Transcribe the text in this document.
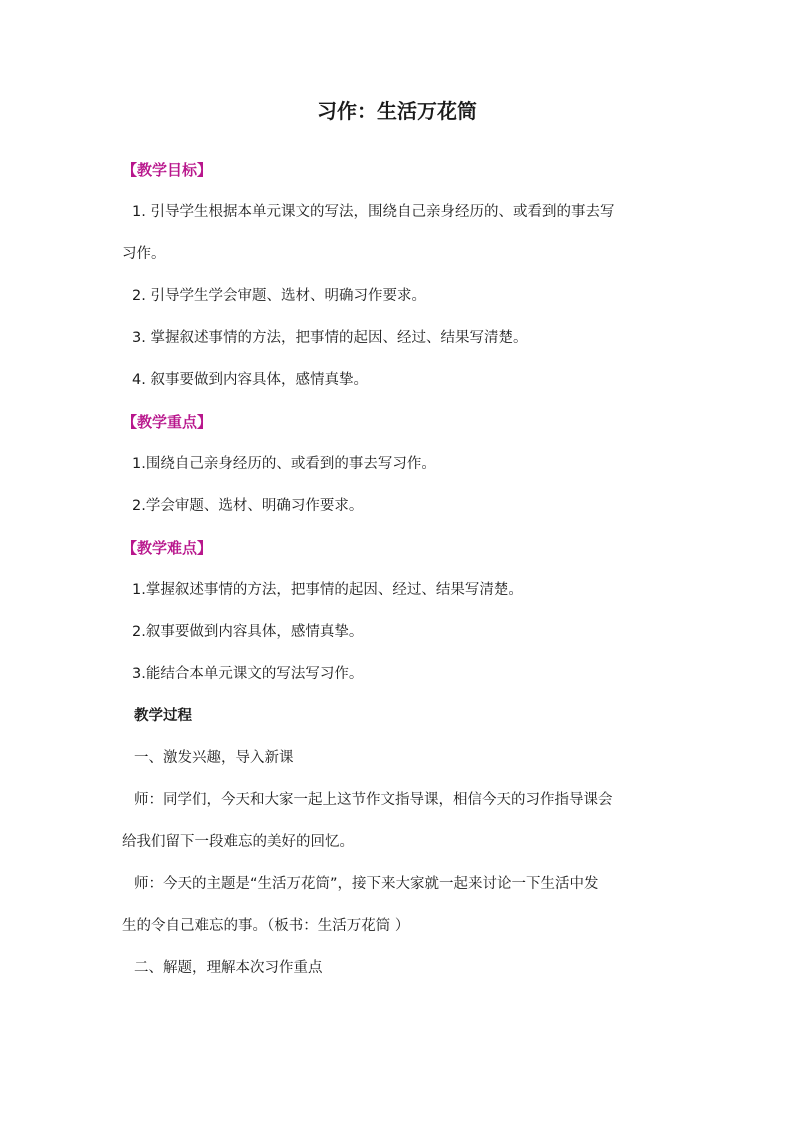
习作：生活万花筒
【教学目标】
1. 引导学生根据本单元课文的写法，围绕自己亲身经历的、或看到的事去写
习作。
2. 引导学生学会审题、选材、明确习作要求。
3. 掌握叙述事情的方法，把事情的起因、经过、结果写清楚。
4. 叙事要做到内容具体，感情真挚。
【教学重点】
1.围绕自己亲身经历的、或看到的事去写习作。
2.学会审题、选材、明确习作要求。
【教学难点】
1.掌握叙述事情的方法，把事情的起因、经过、结果写清楚。
2.叙事要做到内容具体，感情真挚。
3.能结合本单元课文的写法写习作。
教学过程
一、激发兴趣，导入新课
师：同学们，今天和大家一起上这节作文指导课，相信今天的习作指导课会
给我们留下一段难忘的美好的回忆。
师：今天的主题是“生活万花筒”，接下来大家就一起来讨论一下生活中发
生的令自己难忘的事。（板书：生活万花筒 ）
二、解题，理解本次习作重点
